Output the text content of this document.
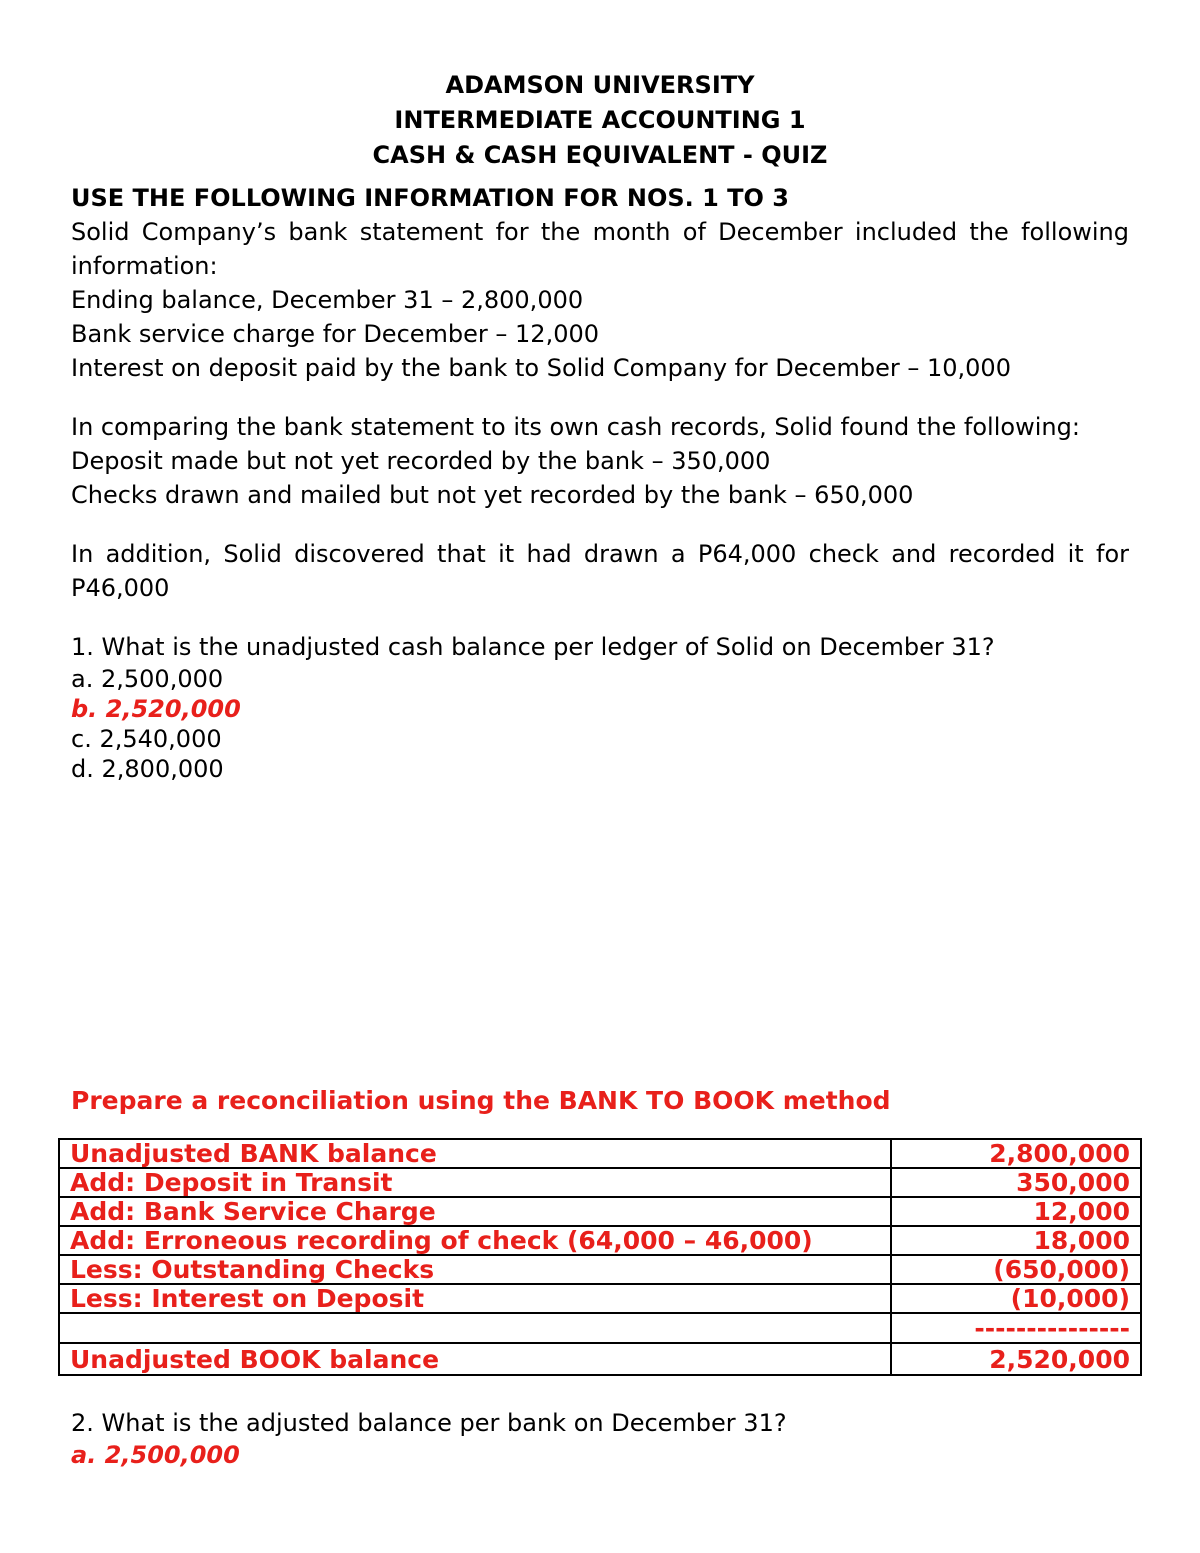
ADAMSON UNIVERSITY
INTERMEDIATE ACCOUNTING 1
CASH & CASH EQUIVALENT - QUIZ
USE THE FOLLOWING INFORMATION FOR NOS. 1 TO 3
Solid Company’s bank statement for the month of December included the following information:
Ending balance, December 31 – 2,800,000
Bank service charge for December – 12,000
Interest on deposit paid by the bank to Solid Company for December – 10,000
In comparing the bank statement to its own cash records, Solid found the following:
Deposit made but not yet recorded by the bank – 350,000
Checks drawn and mailed but not yet recorded by the bank – 650,000
In addition, Solid discovered that it had drawn a P64,000 check and recorded it for P46,000
1. What is the unadjusted cash balance per ledger of Solid on December 31?
a. 2,500,000
b. 2,520,000
c. 2,540,000
d. 2,800,000
Prepare a reconciliation using the BANK TO BOOK method
Unadjusted BANK balance	2,800,000
Add: Deposit in Transit	350,000
Add: Bank Service Charge	12,000
Add: Erroneous recording of check (64,000 – 46,000)	18,000
Less: Outstanding Checks	(650,000)
Less: Interest on Deposit	(10,000)
	---------------
Unadjusted BOOK balance	2,520,000
2. What is the adjusted balance per bank on December 31?
a. 2,500,000
